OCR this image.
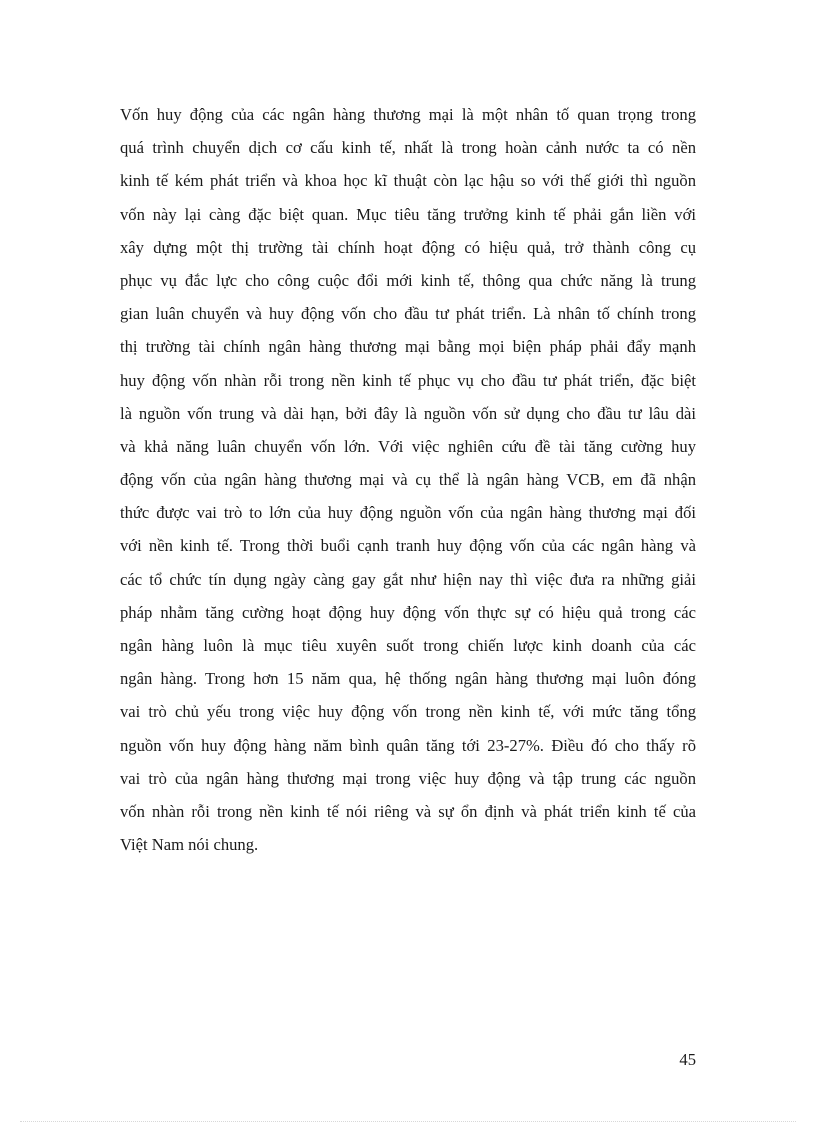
Vốn huy động của các ngân hàng thương mại là một nhân tố quan trọng trong
quá trình chuyển dịch cơ cấu kinh tế, nhất là trong hoàn cảnh nước ta có nền
kinh tế kém phát triển và khoa học kĩ thuật còn lạc hậu so với thế giới thì nguồn
vốn này lại càng đặc biệt quan. Mục tiêu tăng trưởng kinh tế phải gắn liền với
xây dựng một thị trường tài chính hoạt động có hiệu quả, trở thành công cụ
phục vụ đắc lực cho công cuộc đổi mới kinh tế, thông qua chức năng là trung
gian luân chuyển và huy động vốn cho đầu tư phát triển. Là nhân tố chính trong
thị trường tài chính ngân hàng thương mại bằng mọi biện pháp phải đẩy mạnh
huy động vốn nhàn rỗi trong nền kinh tế phục vụ cho đầu tư phát triển, đặc biệt
là nguồn vốn trung và dài hạn, bởi đây là nguồn vốn sử dụng cho đầu tư lâu dài
và khả năng luân chuyển vốn lớn. Với việc nghiên cứu đề tài tăng cường huy
động vốn của ngân hàng thương mại và cụ thể là ngân hàng VCB, em đã nhận
thức được vai trò to lớn của huy động nguồn vốn của ngân hàng thương mại đối
với nền kinh tế. Trong thời buổi cạnh tranh huy động vốn của các ngân hàng và
các tổ chức tín dụng ngày càng gay gắt như hiện nay thì việc đưa ra những giải
pháp nhằm tăng cường hoạt động huy động vốn thực sự có hiệu quả trong các
ngân hàng luôn là mục tiêu xuyên suốt trong chiến lược kinh doanh của các
ngân hàng. Trong hơn 15 năm qua, hệ thống ngân hàng thương mại luôn đóng
vai trò chủ yếu trong việc huy động vốn trong nền kinh tế, với mức tăng tổng
nguồn vốn huy động hàng năm bình quân tăng tới 23-27%. Điều đó cho thấy rõ
vai trò của ngân hàng thương mại trong việc huy động và tập trung các nguồn
vốn nhàn rỗi trong nền kinh tế nói riêng và sự ổn định và phát triển kinh tế của
Việt Nam nói chung.
45
